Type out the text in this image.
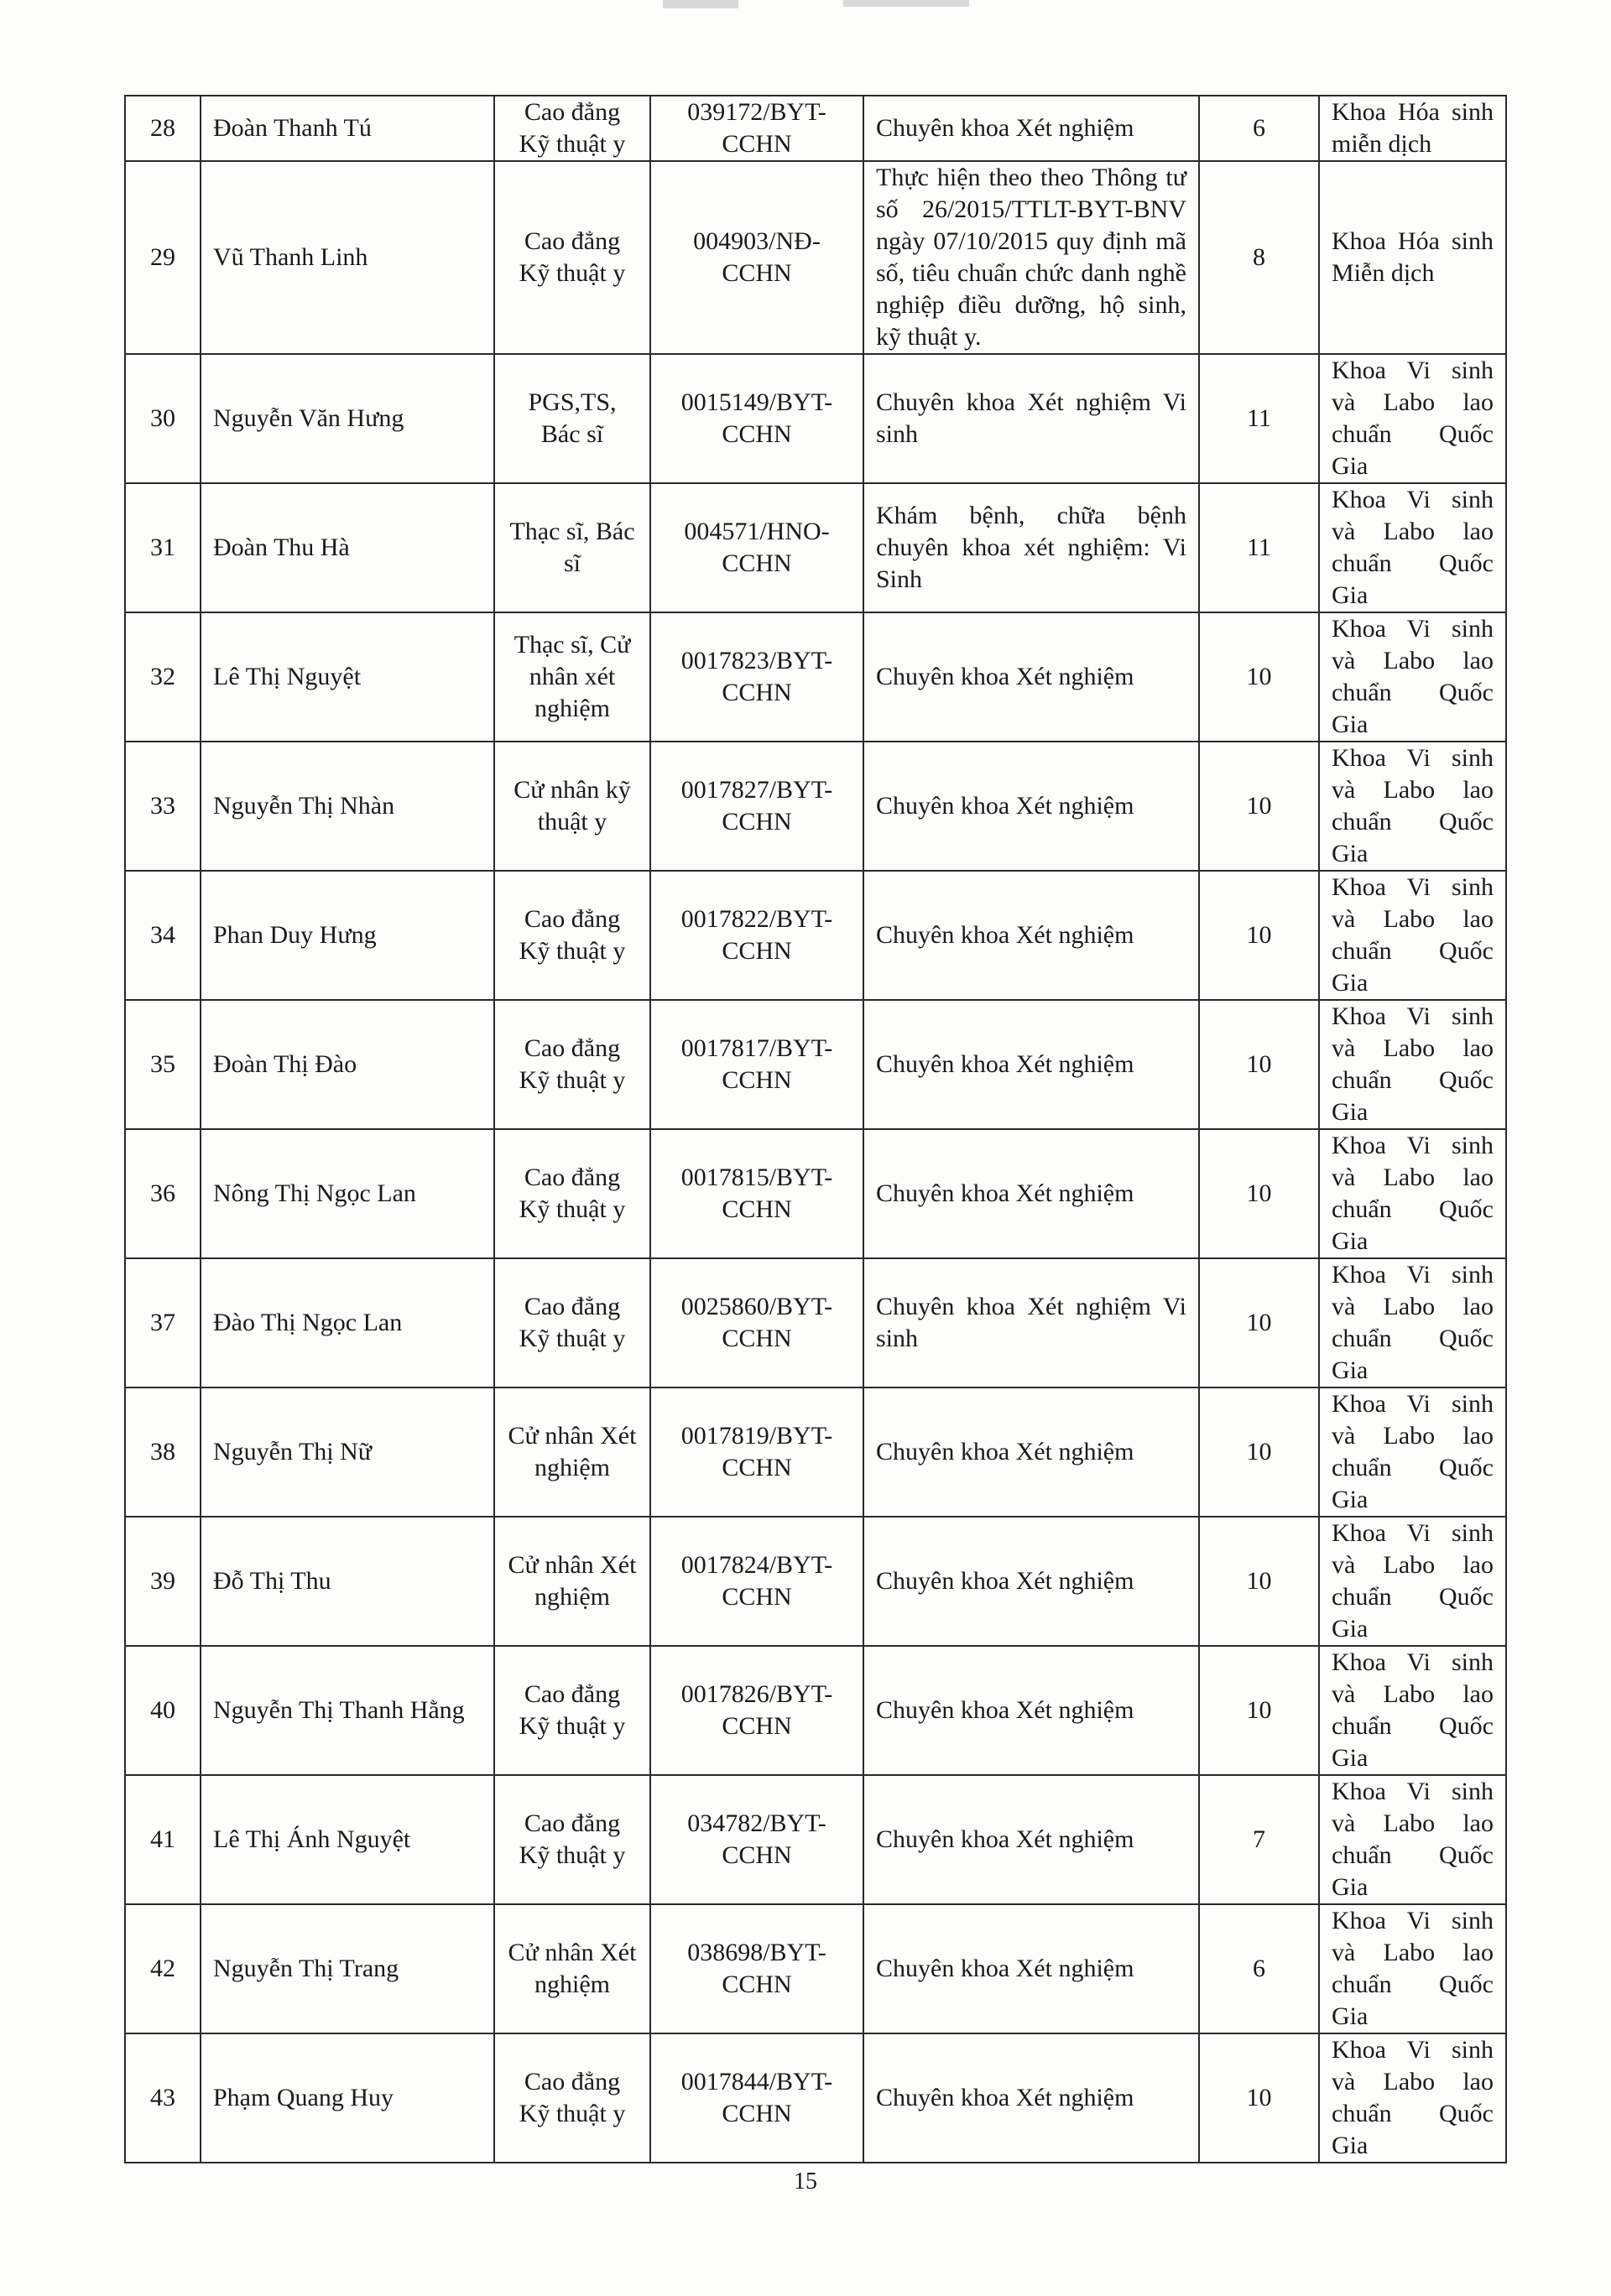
28	Đoàn Thanh Tú	Cao đẳng Kỹ thuật y	039172/BYT-CCHN	Chuyên khoa Xét nghiệm	6	Khoa Hóa sinh miễn dịch
29	Vũ Thanh Linh	Cao đẳng Kỹ thuật y	004903/NĐ-CCHN	Thực hiện theo theo Thông tư số 26/2015/TTLT-BYT-BNV ngày 07/10/2015 quy định mã số, tiêu chuẩn chức danh nghề nghiệp điều dưỡng, hộ sinh, kỹ thuật y.	8	Khoa Hóa sinh Miễn dịch
30	Nguyễn Văn Hưng	PGS,TS, Bác sĩ	0015149/BYT-CCHN	Chuyên khoa Xét nghiệm Vi sinh	11	Khoa Vi sinh và Labo lao chuẩn Quốc Gia
31	Đoàn Thu Hà	Thạc sĩ, Bác sĩ	004571/HNO-CCHN	Khám bệnh, chữa bệnh chuyên khoa xét nghiệm: Vi Sinh	11	Khoa Vi sinh và Labo lao chuẩn Quốc Gia
32	Lê Thị Nguyệt	Thạc sĩ, Cử nhân xét nghiệm	0017823/BYT-CCHN	Chuyên khoa Xét nghiệm	10	Khoa Vi sinh và Labo lao chuẩn Quốc Gia
33	Nguyễn Thị Nhàn	Cử nhân kỹ thuật y	0017827/BYT-CCHN	Chuyên khoa Xét nghiệm	10	Khoa Vi sinh và Labo lao chuẩn Quốc Gia
34	Phan Duy Hưng	Cao đẳng Kỹ thuật y	0017822/BYT-CCHN	Chuyên khoa Xét nghiệm	10	Khoa Vi sinh và Labo lao chuẩn Quốc Gia
35	Đoàn Thị Đào	Cao đẳng Kỹ thuật y	0017817/BYT-CCHN	Chuyên khoa Xét nghiệm	10	Khoa Vi sinh và Labo lao chuẩn Quốc Gia
36	Nông Thị Ngọc Lan	Cao đẳng Kỹ thuật y	0017815/BYT-CCHN	Chuyên khoa Xét nghiệm	10	Khoa Vi sinh và Labo lao chuẩn Quốc Gia
37	Đào Thị Ngọc Lan	Cao đẳng Kỹ thuật y	0025860/BYT-CCHN	Chuyên khoa Xét nghiệm Vi sinh	10	Khoa Vi sinh và Labo lao chuẩn Quốc Gia
38	Nguyễn Thị Nữ	Cử nhân Xét nghiệm	0017819/BYT-CCHN	Chuyên khoa Xét nghiệm	10	Khoa Vi sinh và Labo lao chuẩn Quốc Gia
39	Đỗ Thị Thu	Cử nhân Xét nghiệm	0017824/BYT-CCHN	Chuyên khoa Xét nghiệm	10	Khoa Vi sinh và Labo lao chuẩn Quốc Gia
40	Nguyễn Thị Thanh Hằng	Cao đẳng Kỹ thuật y	0017826/BYT-CCHN	Chuyên khoa Xét nghiệm	10	Khoa Vi sinh và Labo lao chuẩn Quốc Gia
41	Lê Thị Ánh Nguyệt	Cao đẳng Kỹ thuật y	034782/BYT-CCHN	Chuyên khoa Xét nghiệm	7	Khoa Vi sinh và Labo lao chuẩn Quốc Gia
42	Nguyễn Thị Trang	Cử nhân Xét nghiệm	038698/BYT-CCHN	Chuyên khoa Xét nghiệm	6	Khoa Vi sinh và Labo lao chuẩn Quốc Gia
43	Phạm Quang Huy	Cao đẳng Kỹ thuật y	0017844/BYT-CCHN	Chuyên khoa Xét nghiệm	10	Khoa Vi sinh và Labo lao chuẩn Quốc Gia
15
